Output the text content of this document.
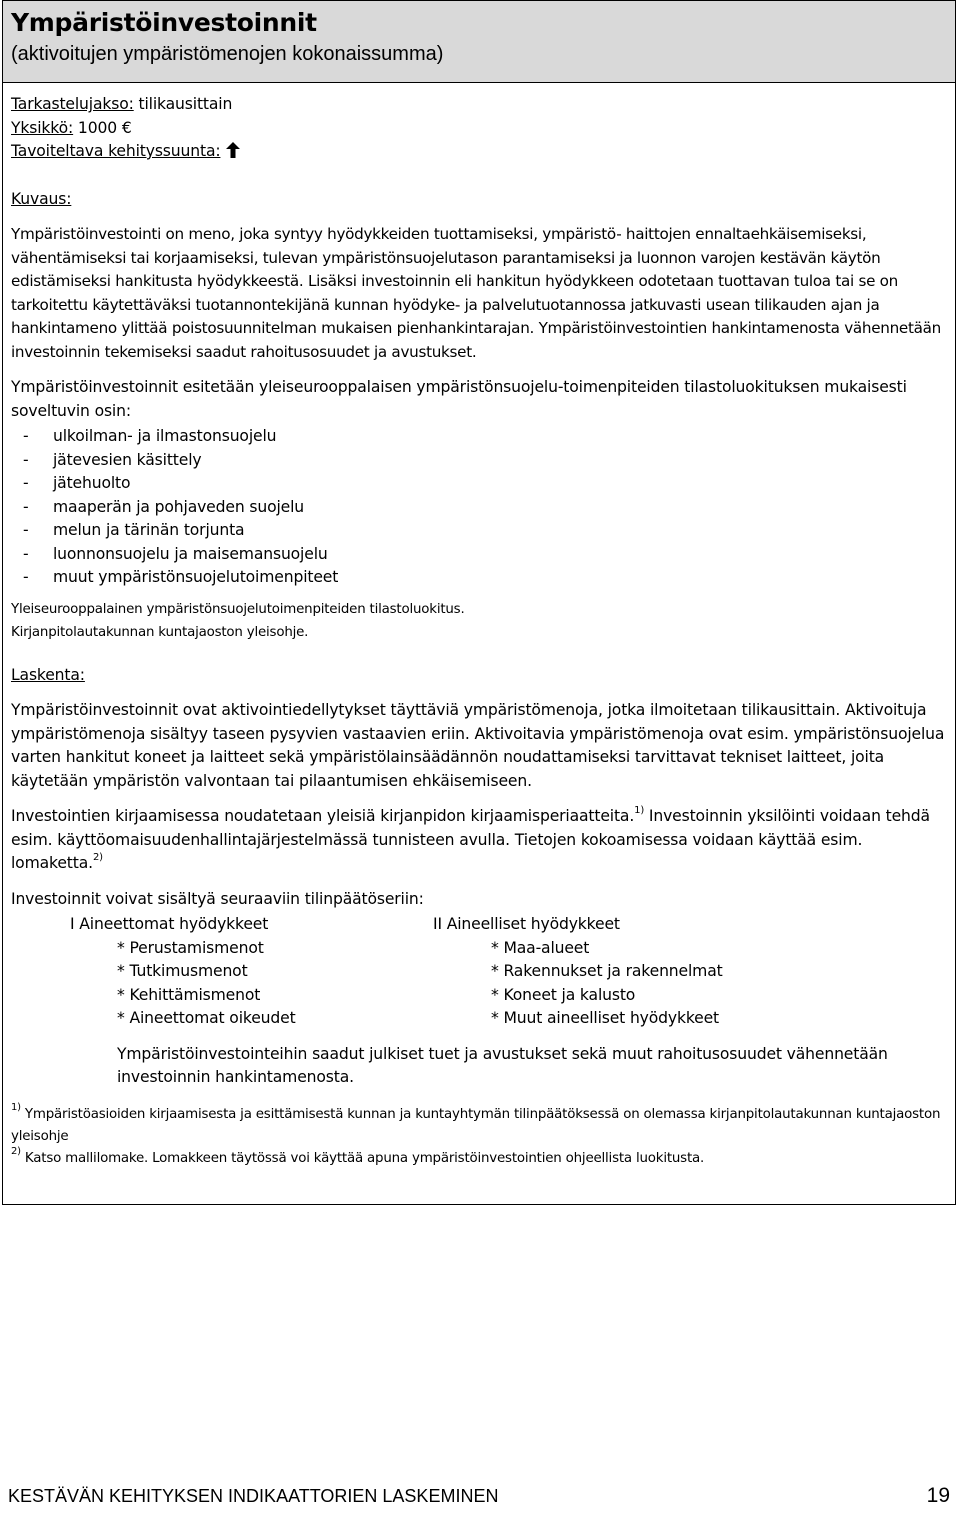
Ympäristöinvestoinnit
(aktivoitujen ympäristömenojen kokonaissumma)

Tarkastelujakso: tilikausittain

Yksikkö: 1000 €

Tavoiteltava kehityssuunta:

Kuvaus:

Ympäristöinvestointi on meno, joka syntyy hyödykkeiden tuottamiseksi, ympäristö- haittojen ennaltaehkäisemiseksi, vähentämiseksi tai korjaamiseksi, tulevan ympäristönsuojelutason parantamiseksi ja luonnon varojen kestävän käytön edistämiseksi hankitusta hyödykkeestä. Lisäksi investoinnin eli hankitun hyödykkeen odotetaan tuottavan tuloa tai se on tarkoitettu käytettäväksi tuotannontekijänä kunnan hyödyke- ja palvelutuotannossa jatkuvasti usean tilikauden ajan ja hankintameno ylittää poistosuunnitelman mukaisen pienhankintarajan. Ympäristöinvestointien hankintamenosta vähennetään investoinnin tekemiseksi saadut rahoitusosuudet ja avustukset.

Ympäristöinvestoinnit esitetään yleiseurooppalaisen ympäristönsuojelu-toimenpiteiden tilastoluokituksen mukaisesti soveltuvin osin:

- ulkoilman- ja ilmastonsuojelu
- jätevesien käsittely
- jätehuolto
- maaperän ja pohjaveden suojelu
- melun ja tärinän torjunta
- luonnonsuojelu ja maisemansuojelu
- muut ympäristönsuojelutoimenpiteet

Yleiseurooppalainen ympäristönsuojelutoimenpiteiden tilastoluokitus.

Kirjanpitolautakunnan kuntajaoston yleisohje.

Laskenta:

Ympäristöinvestoinnit ovat aktivointiedellytykset täyttäviä ympäristömenoja, jotka ilmoitetaan tilikausittain. Aktivoituja ympäristömenoja sisältyy taseen pysyvien vastaavien eriin. Aktivoitavia ympäristömenoja ovat esim. ympäristönsuojelua varten hankitut koneet ja laitteet sekä ympäristölainsäädännön noudattamiseksi tarvittavat tekniset laitteet, joita käytetään ympäristön valvontaan tai pilaantumisen ehkäisemiseen.

Investointien kirjaamisessa noudatetaan yleisiä kirjanpidon kirjaamisperiaatteita.$^{1)}$ Investoinnin yksilöinti voidaan tehdä esim. käyttöomaisuudenhallintajärjestelmässä tunnisteen avulla. Tietojen kokoamisessa voidaan käyttää esim. lomaketta.$^{2)}$

Investoinnit voivat sisältyä seuraaviin tilinpäätöseriin:

I Aineettomat hyödykkeet	II Aineelliset hyödykkeet
* Perustamismenot	* Maa-alueet
* Tutkimusmenot	* Rakennukset ja rakennelmat
* Kehittämismenot	* Koneet ja kalusto
* Aineettomat oikeudet	* Muut aineelliset hyödykkeet

Ympäristöinvestointeihin saadut julkiset tuet ja avustukset sekä muut rahoitusosuudet vähennetään investoinnin hankintamenosta.

$^{1)}$ Ympäristöasioiden kirjaamisesta ja esittämisestä kunnan ja kuntayhtymän tilinpäätöksessä on olemassa kirjanpitolautakunnan kuntajaoston yleisohje

$^{2)}$ Katso mallilomake. Lomakkeen täytössä voi käyttää apuna ympäristöinvestointien ohjeellista luokitusta.

KESTÄVÄN KEHITYKSEN INDIKAATTORIEN LASKEMINEN	19
